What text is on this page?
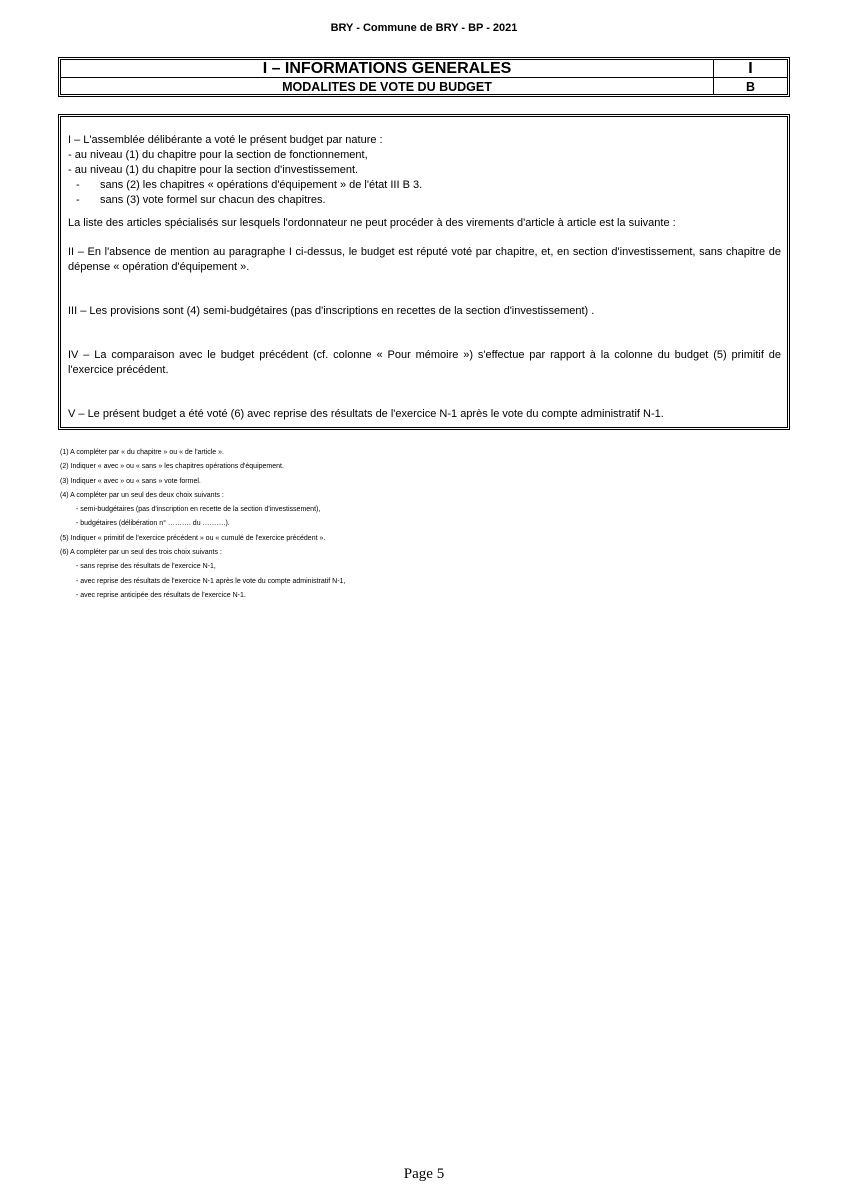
BRY - Commune de BRY - BP - 2021
I – INFORMATIONS GENERALES	I
MODALITES DE VOTE DU BUDGET	B

I – L'assemblée délibérante a voté le présent budget par nature :

- au niveau (1) du chapitre pour la section de fonctionnement,

- au niveau (1) du chapitre pour la section d'investissement.

- sans (2) les chapitres « opérations d'équipement » de l'état III B 3.

- sans (3) vote formel sur chacun des chapitres.

La liste des articles spécialisés sur lesquels l'ordonnateur ne peut procéder à des virements d'article à article est la suivante :

II – En l'absence de mention au paragraphe I ci-dessus, le budget est réputé voté par chapitre, et, en section d'investissement, sans chapitre de dépense « opération d'équipement ».

III – Les provisions sont (4) semi-budgétaires (pas d'inscriptions en recettes de la section d'investissement) .

IV – La comparaison avec le budget précédent (cf. colonne « Pour mémoire ») s'effectue par rapport à la colonne du budget (5) primitif de l'exercice précédent.

V – Le présent budget a été voté (6) avec reprise des résultats de l'exercice N-1 après le vote du compte administratif N-1.

(1) A compléter par « du chapitre » ou « de l'article ».

(2) Indiquer « avec » ou « sans » les chapitres opérations d'équipement.

(3) Indiquer « avec » ou « sans » vote formel.

(4) A compléter par un seul des deux choix suivants :

- semi-budgétaires (pas d'inscription en recette de la section d'investissement),

- budgétaires (délibération n° ………. du ……….).

(5) Indiquer « primitif de l'exercice précédent » ou « cumulé de l'exercice précédent ».

(6) A compléter par un seul des trois choix suivants :

- sans reprise des résultats de l'exercice N-1,

- avec reprise des résultats de l'exercice N-1 après le vote du compte administratif N-1,

- avec reprise anticipée des résultats de l'exercice N-1.

Page 5
